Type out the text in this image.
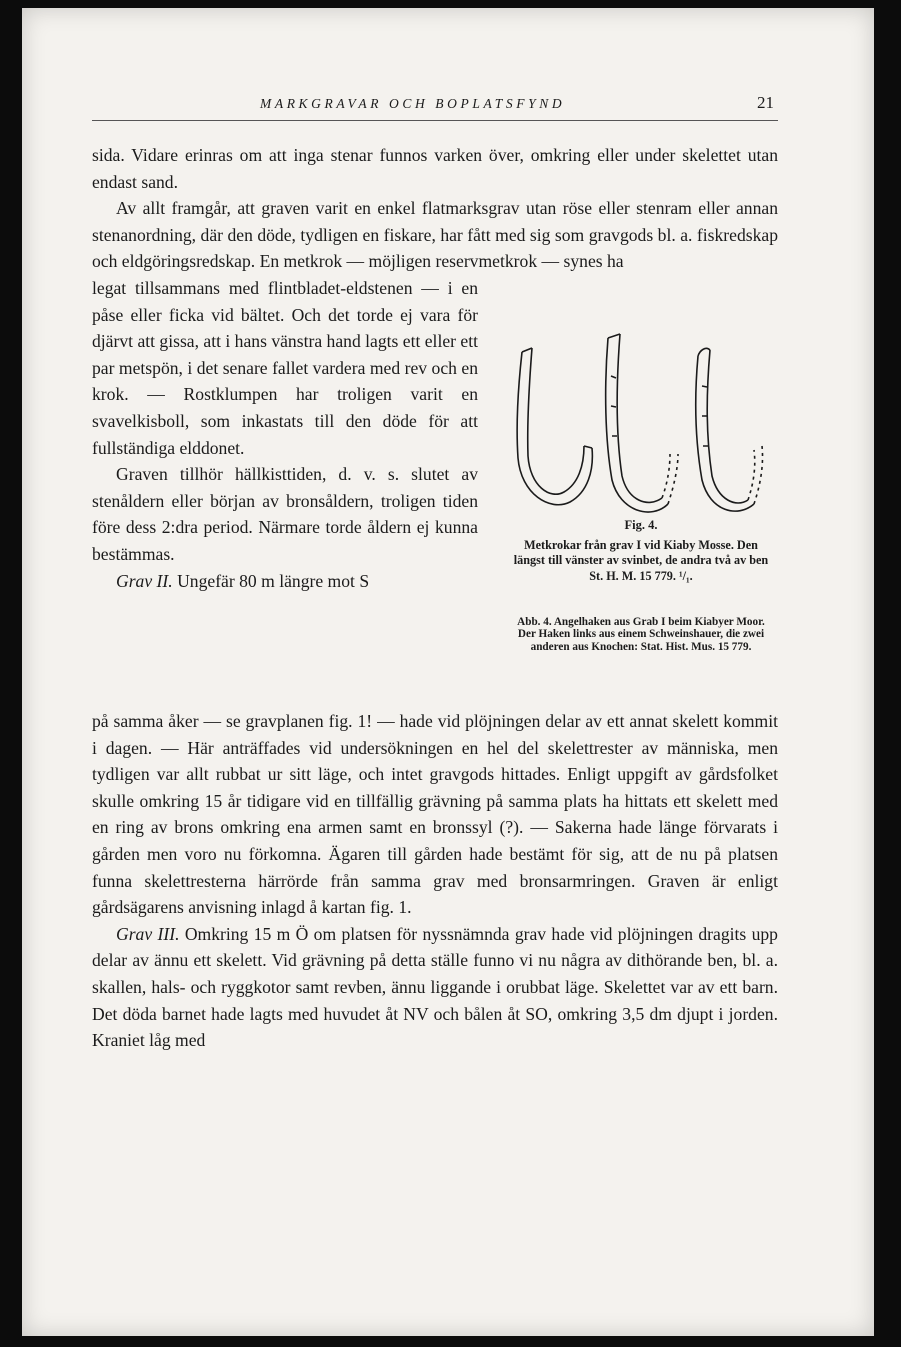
MARKGRAVAR OCH BOPLATSFYND	21

sida. Vidare erinras om att inga stenar funnos varken över, omkring eller under skelettet utan endast sand.

Av allt framgår, att graven varit en enkel flatmarksgrav utan röse eller stenram eller annan stenanordning, där den döde, tydligen en fiskare, har fått med sig som gravgods bl. a. fiskredskap och eldgöringsredskap. En metkrok — möjligen reservmetkrok — synes ha

legat tillsammans med flintbladet-eldstenen — i en påse eller ficka vid bältet. Och det torde ej vara för djärvt att gissa, att i hans vänstra hand lagts ett eller ett par metspön, i det senare fallet vardera med rev och en krok. — Rostklumpen har troligen varit en svavelkisboll, som inkastats till den döde för att fullständiga elddonet.

Graven tillhör hällkisttiden, d. v. s. slutet av stenåldern eller början av bronsåldern, troligen tiden före dess 2:dra period. Närmare torde åldern ej kunna bestämmas.

Grav II. Ungefär 80 m längre mot S

på samma åker — se gravplanen fig. 1! — hade vid plöjningen delar av ett annat skelett kommit i dagen. — Här anträffades vid undersökningen en hel del skelettrester av människa, men tydligen var allt rubbat ur sitt läge, och intet gravgods hittades. Enligt uppgift av gårdsfolket skulle omkring 15 år tidigare vid en tillfällig grävning på samma plats ha hittats ett skelett med en ring av brons omkring ena armen samt en bronssyl (?). — Sakerna hade länge förvarats i gården men voro nu förkomna. Ägaren till gården hade bestämt för sig, att de nu på platsen funna skelettresterna härrörde från samma grav med bronsarmringen. Graven är enligt gårdsägarens anvisning inlagd å kartan fig. 1.

Grav III. Omkring 15 m Ö om platsen för nyssnämnda grav hade vid plöjningen dragits upp delar av ännu ett skelett. Vid grävning på detta ställe funno vi nu några av dithörande ben, bl. a. skallen, hals- och ryggkotor samt revben, ännu liggande i orubbat läge. Skelettet var av ett barn. Det döda barnet hade lagts med huvudet åt NV och bålen åt SO, omkring 3,5 dm djupt i jorden. Kraniet låg med

Fig. 4.
Metkrokar från grav I vid Kiaby Mosse. Den längst till vänster av svinbet, de andra två av ben St. H. M. 15 779. ¹/₁.
Abb. 4. Angelhaken aus Grab I beim Kiabyer Moor. Der Haken links aus einem Schweinshauer, die zwei anderen aus Knochen: Stat. Hist. Mus. 15 779.
